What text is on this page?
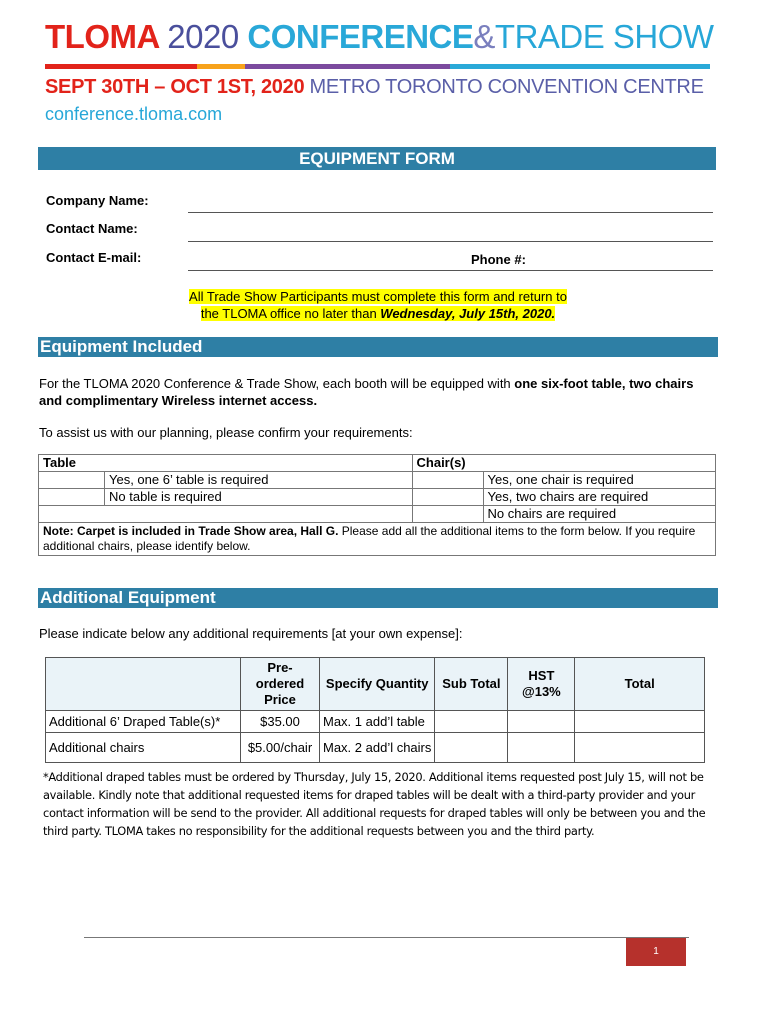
TLOMA 2020 CONFERENCE&TRADE SHOW
SEPT 30TH – OCT 1ST, 2020 METRO TORONTO CONVENTION CENTRE
conference.tloma.com
EQUIPMENT FORM
Company Name:
Contact Name:
Contact E-mail:	Phone #:
All Trade Show Participants must complete this form and return to
the TLOMA office no later than Wednesday, July 15th, 2020.
Equipment Included
For the TLOMA 2020 Conference & Trade Show, each booth will be equipped with one six-foot table, two chairs and complimentary Wireless internet access.
To assist us with our planning, please confirm your requirements:
Table		Chair(s)	
	Yes, one 6’ table is required		Yes, one chair is required
	No table is required		Yes, two chairs are required
			No chairs are required
Note: Carpet is included in Trade Show area, Hall G. Please add all the additional items to the form below. If you require additional chairs, please identify below.			
Additional Equipment
Please indicate below any additional requirements [at your own expense]:
	Pre-ordered Price	Specify Quantity	Sub Total	HST @13%	Total
Additional 6’ Draped Table(s)*	$35.00	Max. 1 add’l table			
Additional chairs	$5.00/chair	Max. 2 add’l chairs			
*Additional draped tables must be ordered by Thursday, July 15, 2020. Additional items requested post July 15, will not be available. Kindly note that additional requested items for draped tables will be dealt with a third-party provider and your contact information will be send to the provider. All additional requests for draped tables will only be between you and the third party. TLOMA takes no responsibility for the additional requests between you and the third party.
1
